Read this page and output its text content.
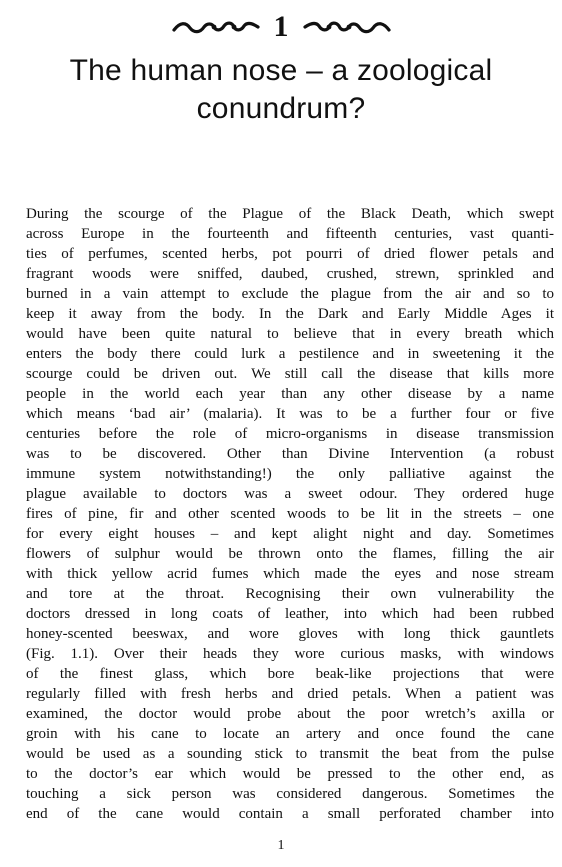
1
The human nose – a zoological
conundrum?
During the scourge of the Plague of the Black Death, which swept
across Europe in the fourteenth and fifteenth centuries, vast quanti-
ties of perfumes, scented herbs, pot pourri of dried flower petals and
fragrant woods were sniffed, daubed, crushed, strewn, sprinkled and
burned in a vain attempt to exclude the plague from the air and so to
keep it away from the body. In the Dark and Early Middle Ages it
would have been quite natural to believe that in every breath which
enters the body there could lurk a pestilence and in sweetening it the
scourge could be driven out. We still call the disease that kills more
people in the world each year than any other disease by a name
which means ‘bad air’ (malaria). It was to be a further four or five
centuries before the role of micro-organisms in disease transmission
was to be discovered. Other than Divine Intervention (a robust
immune system notwithstanding!) the only palliative against the
plague available to doctors was a sweet odour. They ordered huge
fires of pine, fir and other scented woods to be lit in the streets – one
for every eight houses – and kept alight night and day. Sometimes
flowers of sulphur would be thrown onto the flames, filling the air
with thick yellow acrid fumes which made the eyes and nose stream
and tore at the throat. Recognising their own vulnerability the
doctors dressed in long coats of leather, into which had been rubbed
honey-scented beeswax, and wore gloves with long thick gauntlets
(Fig. 1.1). Over their heads they wore curious masks, with windows
of the finest glass, which bore beak-like projections that were
regularly filled with fresh herbs and dried petals. When a patient was
examined, the doctor would probe about the poor wretch’s axilla or
groin with his cane to locate an artery and once found the cane
would be used as a sounding stick to transmit the beat from the pulse
to the doctor’s ear which would be pressed to the other end, as
touching a sick person was considered dangerous. Sometimes the
end of the cane would contain a small perforated chamber into
1
